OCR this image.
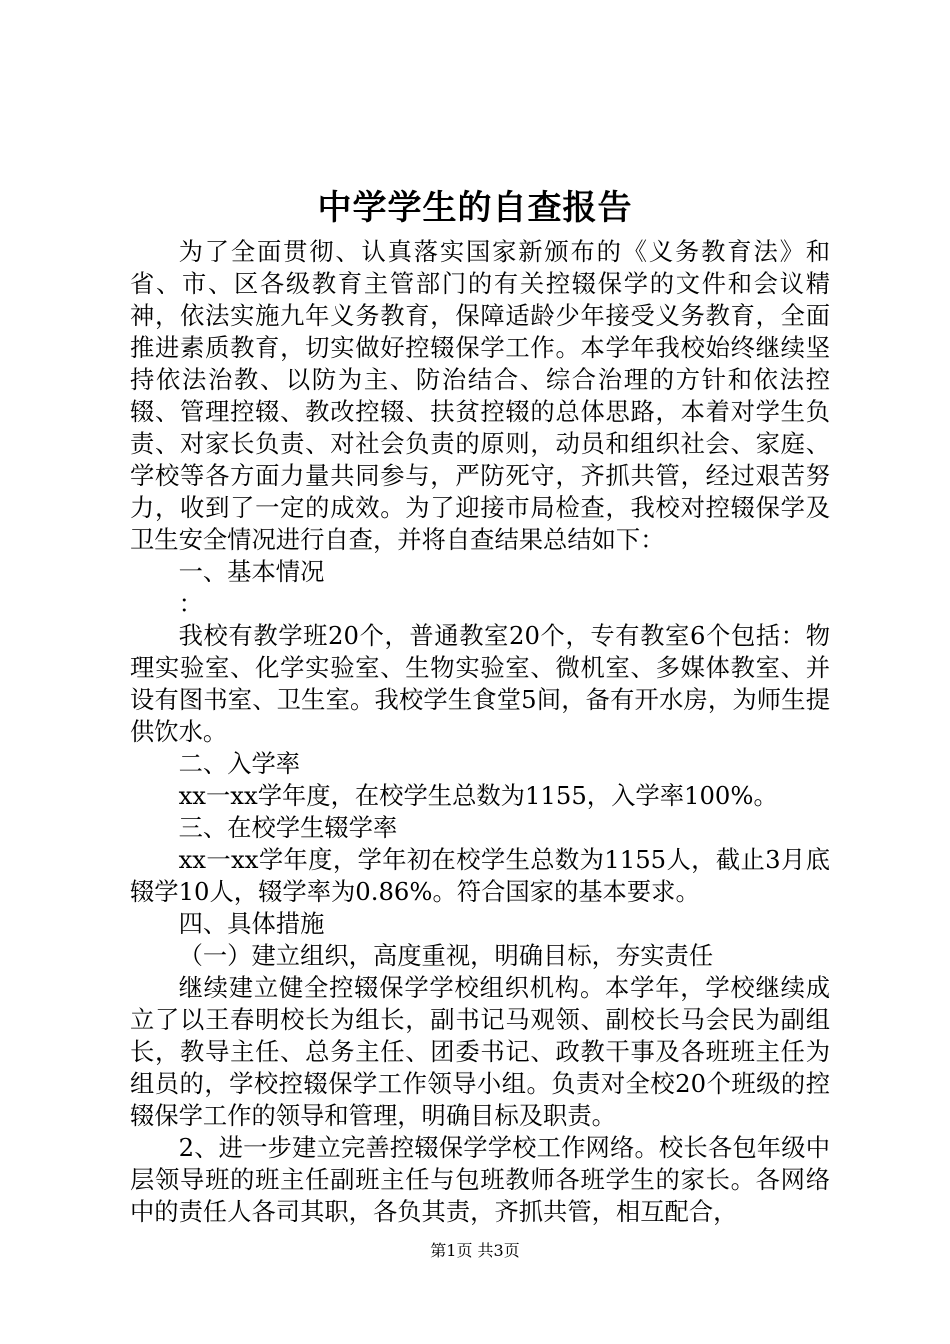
中学学生的自查报告

为了全面贯彻、认真落实国家新颁布的《义务教育法》和省、市、区各级教育主管部门的有关控辍保学的文件和会议精神，依法实施九年义务教育，保障适龄少年接受义务教育，全面推进素质教育，切实做好控辍保学工作。本学年我校始终继续坚持依法治教、以防为主、防治结合、综合治理的方针和依法控辍、管理控辍、教改控辍、扶贫控辍的总体思路，本着对学生负责、对家长负责、对社会负责的原则，动员和组织社会、家庭、学校等各方面力量共同参与，严防死守，齐抓共管，经过艰苦努力，收到了一定的成效。为了迎接市局检查，我校对控辍保学及卫生安全情况进行自查，并将自查结果总结如下：

一、基本情况

：

我校有教学班20个，普通教室20个，专有教室6个包括：物理实验室、化学实验室、生物实验室、微机室、多媒体教室、并设有图书室、卫生室。我校学生食堂5间，备有开水房，为师生提供饮水。

二、入学率

xx一xx学年度，在校学生总数为1155，入学率100%。

三、在校学生辍学率

xx一xx学年度，学年初在校学生总数为1155人，截止3月底辍学10人，辍学率为0.86%。符合国家的基本要求。

四、具体措施

（一）建立组织，高度重视，明确目标，夯实责任

继续建立健全控辍保学学校组织机构。本学年，学校继续成立了以王春明校长为组长，副书记马观领、副校长马会民为副组长，教导主任、总务主任、团委书记、政教干事及各班班主任为组员的，学校控辍保学工作领导小组。负责对全校20个班级的控辍保学工作的领导和管理，明确目标及职责。

2、进一步建立完善控辍保学学校工作网络。校长各包年级中层领导班的班主任副班主任与包班教师各班学生的家长。各网络中的责任人各司其职，各负其责，齐抓共管，相互配合，

第1页 共3页
